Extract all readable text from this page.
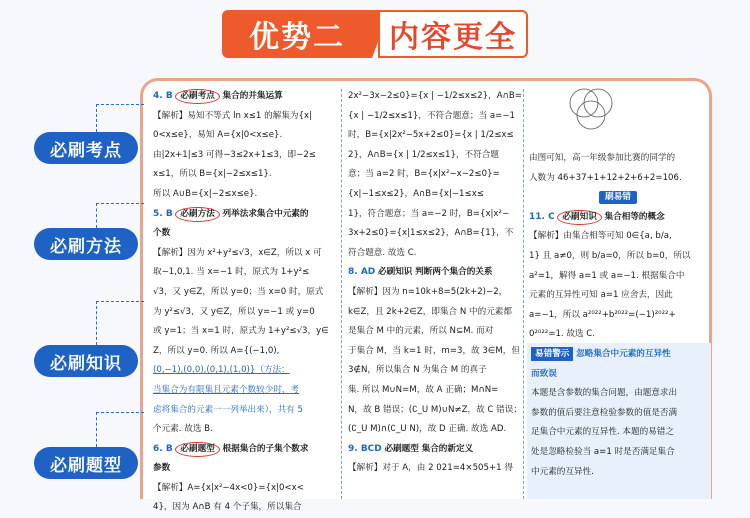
优势二	内容更全
必刷考点
必刷方法
必刷知识
必刷题型
4. B 必刷考点 集合的并集运算
【解析】易知不等式 ln x≤1 的解集为{x|
0<x≤e}，易知 A={x|0<x≤e}.
由|2x+1|≤3 可得−3≤2x+1≤3，即−2≤
x≤1，所以 B={x|−2≤x≤1}.
所以 A∪B={x|−2≤x≤e}.
5. B 必刷方法 列举法求集合中元素的
个数
【解析】因为 x²+y²≤√3，x∈Z，所以 x 可
取−1,0,1. 当 x=−1 时，原式为 1+y²≤
√3，又 y∈Z，所以 y=0；当 x=0 时，原式
为 y²≤√3，又 y∈Z，所以 y=−1 或 y=0
或 y=1；当 x=1 时，原式为 1+y²≤√3，y∈
Z，所以 y=0. 所以 A={(−1,0),
(0,−1),(0,0),(0,1),(1,0)}（方法：
当集合为有限集且元素个数较少时，考
虑将集合的元素一一列举出来），共有 5
个元素. 故选 B.
6. B 必刷题型 根据集合的子集个数求
参数
【解析】A={x|x²−4x<0}={x|0<x<
4}，因为 A∩B 有 4 个子集，所以集合
2x²−3x−2≤0}={x | −1/2≤x≤2}，A∩B=
{x | −1/2≤x≤1}，不符合题意；当 a=−1
时，B={x|2x²−5x+2≤0}={x | 1/2≤x≤
2}，A∩B={x | 1/2≤x≤1}，不符合题
意；当 a=2 时，B={x|x²−x−2≤0}=
{x|−1≤x≤2}，A∩B={x|−1≤x≤
1}，符合题意；当 a=−2 时，B={x|x²−
3x+2≤0}={x|1≤x≤2}，A∩B={1}，不
符合题意. 故选 C.
8. AD 必刷知识 判断两个集合的关系
【解析】因为 n=10k+8=5(2k+2)−2，
k∈Z，且 2k+2∈Z，即集合 N 中的元素都
是集合 M 中的元素，所以 N⊆M. 而对
于集合 M，当 k=1 时，m=3，故 3∈M，但
3∉N，所以集合 N 为集合 M 的真子
集. 所以 M∪N=M，故 A 正确；M∩N=
N，故 B 错误；(∁_U M)∪N≠Z，故 C 错误；
(∁_U M)∩(∁_U N)，故 D 正确. 故选 AD.
9. BCD 必刷题型 集合的新定义
【解析】对于 A，由 2 021=4×505+1 得
由图可知，高一年级参加比赛的同学的
人数为 46+37+1+12+2+6+2=106.
刷易错
11. C 必刷知识 集合相等的概念
【解析】由集合相等可知 0∈{a, b/a,
1} 且 a≠0，则 b/a=0，所以 b=0，所以
a²=1，解得 a=1 或 a=−1. 根据集合中
元素的互异性可知 a=1 应舍去，因此
a=−1，所以 a²⁰²²+b²⁰²²=(−1)²⁰²²+
0²⁰²²=1. 故选 C.
易错警示 忽略集合中元素的互异性
而致误
本题是含参数的集合问题，由题意求出
参数的值后要注意检验参数的值是否满
足集合中元素的互异性. 本题的易错之
处是忽略检验当 a=1 时是否满足集合
中元素的互异性.
